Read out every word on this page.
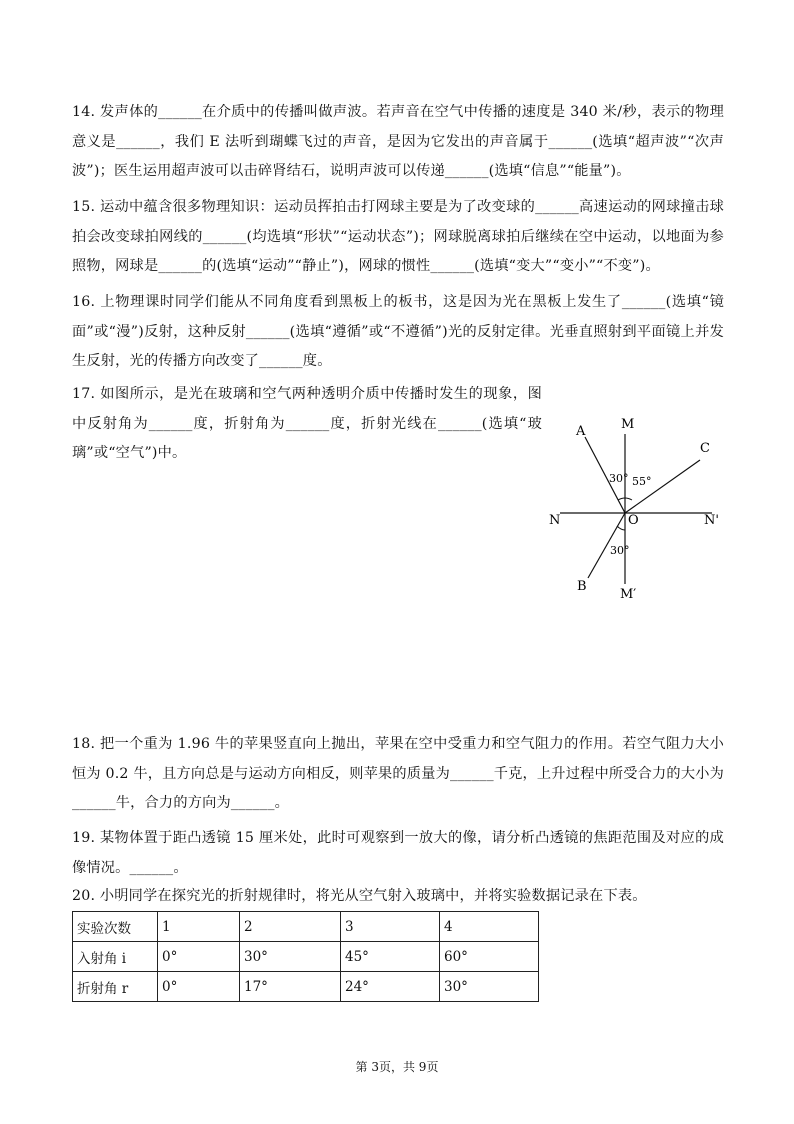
14. 发声体的______在介质中的传播叫做声波。若声音在空气中传播的速度是 340 米/秒，表示的物理意义是______，我们 E 法听到瑚蝶飞过的声音，是因为它发出的声音属于______(选填“超声波”“次声波”)；医生运用超声波可以击碎肾结石，说明声波可以传递______(选填“信息”“能量”)。

15. 运动中蕴含很多物理知识：运动员挥拍击打网球主要是为了改变球的______高速运动的网球撞击球拍会改变球拍网线的______(均选填“形状”“运动状态”)；网球脱离球拍后继续在空中运动，以地面为参照物，网球是______的(选填“运动”“静止”)，网球的惯性______(选填“变大”“变小”“不变”)。

16. 上物理课时同学们能从不同角度看到黑板上的板书，这是因为光在黑板上发生了______(选填“镜面”或“漫”)反射，这种反射______(选填“遵循”或“不遵循”)光的反射定律。光垂直照射到平面镜上并发生反射，光的传播方向改变了______度。

17. 如图所示，是光在玻璃和空气两种透明介质中传播时发生的现象，图中反射角为______度，折射角为______度，折射光线在______(选填“玻璃”或“空气”)中。

A	M
C
N	O	N'
B
M′
30° 55°
30°

18. 把一个重为 1.96 牛的苹果竖直向上抛出，苹果在空中受重力和空气阻力的作用。若空气阻力大小恒为 0.2 牛，且方向总是与运动方向相反，则苹果的质量为______千克，上升过程中所受合力的大小为______牛，合力的方向为______。

19. 某物体置于距凸透镜 15 厘米处，此时可观察到一放大的像，请分析凸透镜的焦距范围及对应的成像情况。______。

20. 小明同学在探究光的折射规律时，将光从空气射入玻璃中，并将实验数据记录在下表。

实验次数	1	2	3	4
入射角 i	0°	30°	45°	60°
折射角 r	0°	17°	24°	30°
第 3页，共 9页
